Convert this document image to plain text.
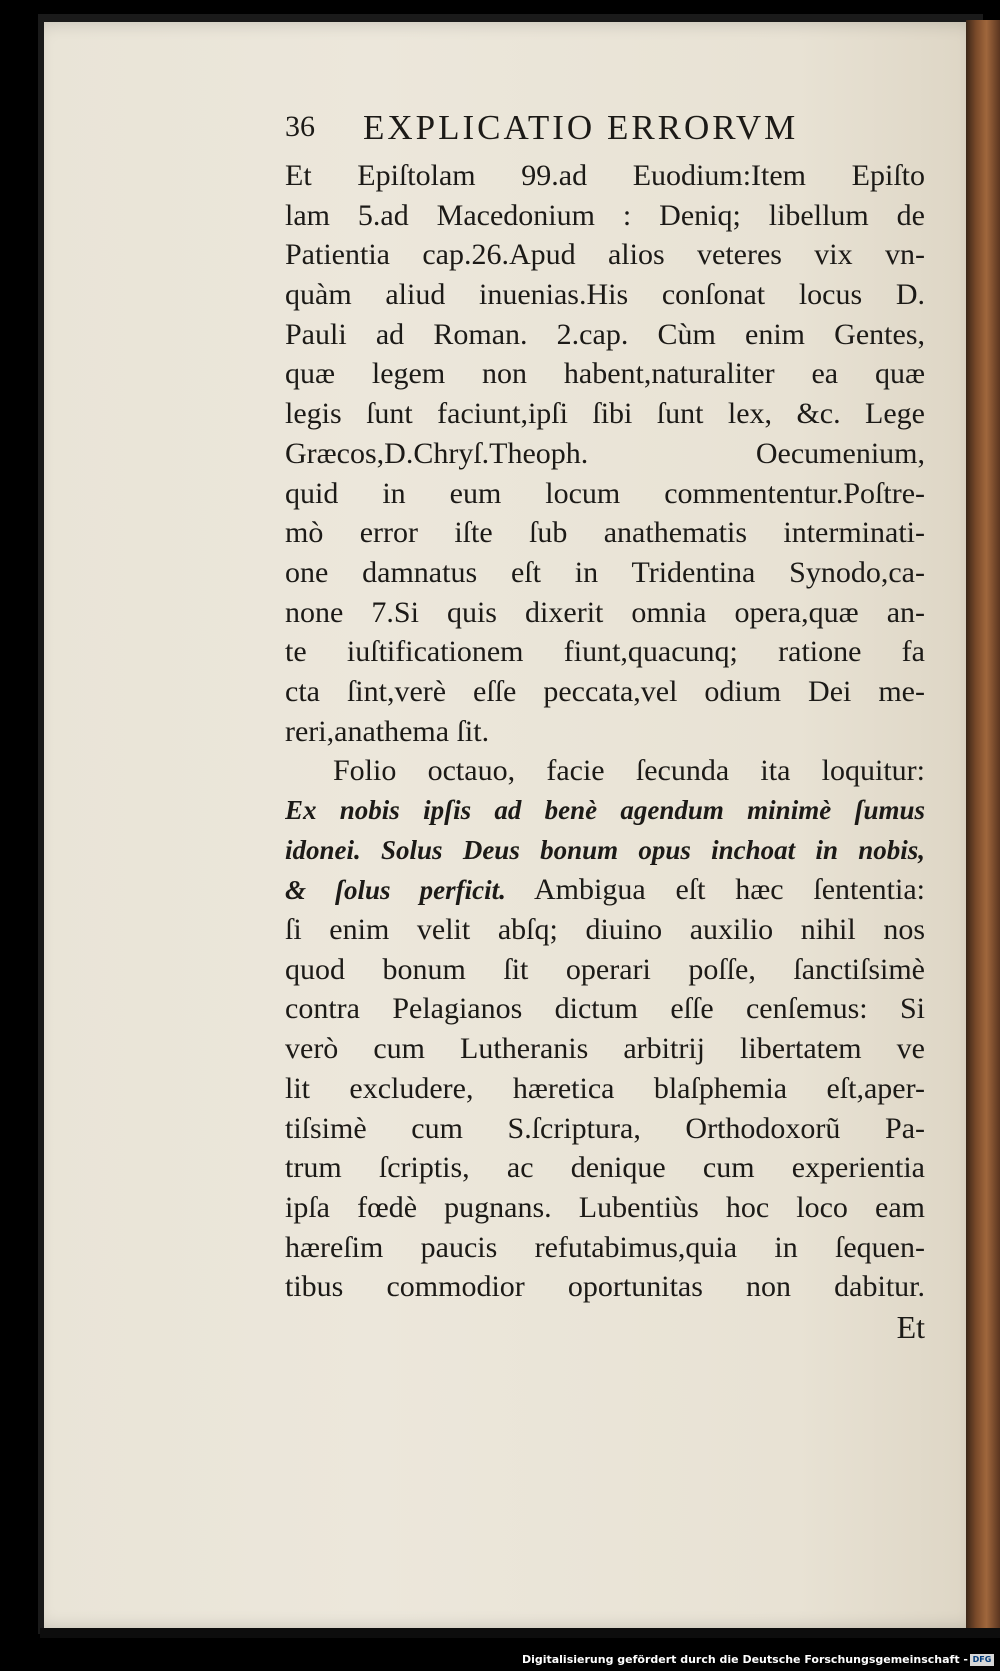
36 EXPLICATIO ERRORVM
Et Epiſtolam 99.ad Euodium:Item Epiſto
lam 5.ad Macedonium : Deniq; libellum de
Patientia cap.26.Apud alios veteres vix vn-
quàm aliud inuenias.His conſonat locus D.
Pauli ad Roman. 2.cap. Cùm enim Gentes,
quæ legem non habent,naturaliter ea quæ
legis ſunt faciunt,ipſi ſibi ſunt lex, &c. Lege
Græcos,D.Chryſ.Theoph. Oecumenium,
quid in eum locum commententur.Poſtre-
mò error iſte ſub anathematis interminati-
one damnatus eſt in Tridentina Synodo,ca-
none 7.Si quis dixerit omnia opera,quæ an-
te iuſtificationem fiunt,quacunq; ratione fa
cta ſint,verè eſſe peccata,vel odium Dei me-
reri,anathema ſit.
Folio octauo, facie ſecunda ita loquitur:
Ex nobis ipſis ad benè agendum minimè ſumus
idonei. Solus Deus bonum opus inchoat in nobis,
& ſolus perficit. Ambigua eſt hæc ſententia:
ſi enim velit abſq; diuino auxilio nihil nos
quod bonum ſit operari poſſe, ſanctiſsimè
contra Pelagianos dictum eſſe cenſemus: Si
verò cum Lutheranis arbitrij libertatem ve
lit excludere, hæretica blaſphemia eſt,aper-
tiſsimè cum S.ſcriptura, Orthodoxorũ Pa-
trum ſcriptis, ac denique cum experientia
ipſa fœdè pugnans. Lubentiùs hoc loco eam
hæreſim paucis refutabimus,quia in ſequen-
tibus commodior oportunitas non dabitur.
Et
Digitalisierung gefördert durch die Deutsche Forschungsgemeinschaft - DFG
